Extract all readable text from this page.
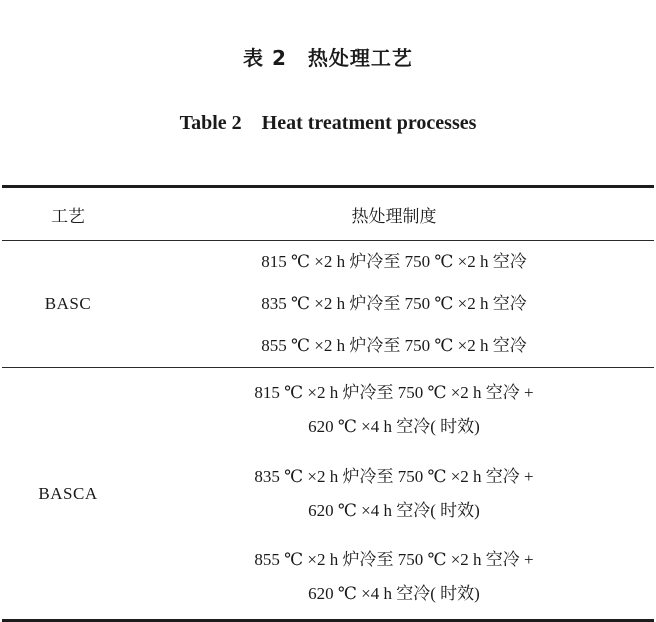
表 2　热处理工艺

Table 2　Heat treatment processes

工艺	热处理制度
BASC
815 ℃ ×2 h 炉冷至 750 ℃ ×2 h 空冷
835 ℃ ×2 h 炉冷至 750 ℃ ×2 h 空冷
855 ℃ ×2 h 炉冷至 750 ℃ ×2 h 空冷
BASCA
815 ℃ ×2 h 炉冷至 750 ℃ ×2 h 空冷 +
620 ℃ ×4 h 空冷( 时效)
835 ℃ ×2 h 炉冷至 750 ℃ ×2 h 空冷 +
620 ℃ ×4 h 空冷( 时效)
855 ℃ ×2 h 炉冷至 750 ℃ ×2 h 空冷 +
620 ℃ ×4 h 空冷( 时效)
